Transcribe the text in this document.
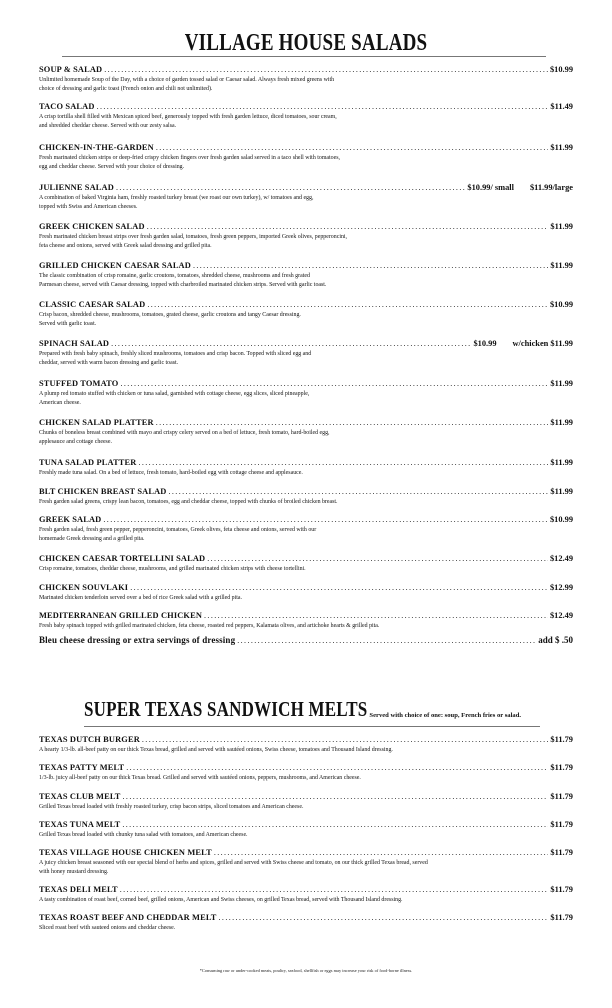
VILLAGE HOUSE SALADS
SOUP & SALAD .....	$10.99
Unlimited homemade Soup of the Day, with a choice of garden tossed salad or Caesar salad. Always fresh mixed greens with
choice of dressing and garlic toast (French onion and chili not unlimited).
TACO SALAD .....	$11.49
A crisp tortilla shell filled with Mexican spiced beef, generously topped with fresh garden lettuce, diced tomatoes, sour cream,
and shredded cheddar cheese. Served with our zesty salsa.
CHICKEN-IN-THE-GARDEN .....	$11.99
Fresh marinated chicken strips or deep-fried crispy chicken fingers over fresh garden salad served in a taco shell with tomatoes,
egg and cheddar cheese. Served with your choice of dressing.
JULIENNE SALAD .....	$10.99/ small $11.99/large
A combination of baked Virginia ham, freshly roasted turkey breast (we roast our own turkey), w/ tomatoes and egg,
topped with Swiss and American cheeses.
GREEK CHICKEN SALAD .....	$11.99
Fresh marinated chicken breast strips over fresh garden salad, tomatoes, fresh green peppers, imported Greek olives, pepperoncini,
feta cheese and onions, served with Greek salad dressing and grilled pita.
GRILLED CHICKEN CAESAR SALAD .....	$11.99
The classic combination of crisp romaine, garlic croutons, tomatoes, shredded cheese, mushrooms and fresh grated
Parmesan cheese, served with Caesar dressing, topped with charbroiled marinated chicken strips. Served with garlic toast.
CLASSIC CAESAR SALAD .....	$10.99
Crisp bacon, shredded cheese, mushrooms, tomatoes, grated cheese, garlic croutons and tangy Caesar dressing.
Served with garlic toast.
SPINACH SALAD .....	$10.99 w/chicken $11.99
Prepared with fresh baby spinach, freshly sliced mushrooms, tomatoes and crisp bacon. Topped with sliced egg and
cheddar, served with warm bacon dressing and garlic toast.
STUFFED TOMATO .....	$11.99
A plump red tomato stuffed with chicken or tuna salad, garnished with cottage cheese, egg slices, sliced pineapple,
American cheese.
CHICKEN SALAD PLATTER .....	$11.99
Chunks of boneless breast combined with mayo and crispy celery served on a bed of lettuce, fresh tomato, hard-boiled egg,
applesauce and cottage cheese.
TUNA SALAD PLATTER .....	$11.99
Freshly made tuna salad. On a bed of lettuce, fresh tomato, hard-boiled egg with cottage cheese and applesauce.
BLT CHICKEN BREAST SALAD .....	$11.99
Fresh garden salad greens, crispy lean bacon, tomatoes, egg and cheddar cheese, topped with chunks of broiled chicken breast.
GREEK SALAD .....	$10.99
Fresh garden salad, fresh green pepper, pepperoncini, tomatoes, Greek olives, feta cheese and onions, served with our
homemade Greek dressing and a grilled pita.
CHICKEN CAESAR TORTELLINI SALAD .....	$12.49
Crisp romaine, tomatoes, cheddar cheese, mushrooms, and grilled marinated chicken strips with cheese tortellini.
CHICKEN SOUVLAKI .....	$12.99
Marinated chicken tenderloin served over a bed of rice Greek salad with a grilled pita.
MEDITERRANEAN GRILLED CHICKEN .....	$12.49
Fresh baby spinach topped with grilled marinated chicken, feta cheese, roasted red peppers, Kalamata olives, and artichoke hearts & grilled pita.
Bleu cheese dressing or extra servings of dressing .....	add $ .50
SUPER TEXAS SANDWICH MELTS Served with choice of one: soup, French fries or salad.
TEXAS DUTCH BURGER .....	$11.79
A hearty 1/3-lb. all-beef patty on our thick Texas bread, grilled and served with sautéed onions, Swiss cheese, tomatoes and Thousand Island dressing.
TEXAS PATTY MELT .....	$11.79
1/3-lb. juicy all-beef patty on our thick Texas bread. Grilled and served with sautéed onions, peppers, mushrooms, and American cheese.
TEXAS CLUB MELT .....	$11.79
Grilled Texas bread loaded with freshly roasted turkey, crisp bacon strips, sliced tomatoes and American cheese.
TEXAS TUNA MELT .....	$11.79
Grilled Texas bread loaded with chunky tuna salad with tomatoes, and American cheese.
TEXAS VILLAGE HOUSE CHICKEN MELT .....	$11.79
A juicy chicken breast seasoned with our special blend of herbs and spices, grilled and served with Swiss cheese and tomato, on our thick grilled Texas bread, served
with honey mustard dressing.
TEXAS DELI MELT .....	$11.79
A tasty combination of roast beef, corned beef, grilled onions, American and Swiss cheeses, on grilled Texas bread, served with Thousand Island dressing.
TEXAS ROAST BEEF AND CHEDDAR MELT .....	$11.79
Sliced roast beef with sauteed onions and cheddar cheese.
*Consuming raw or under-cooked meats, poultry, seafood, shellfish or eggs may increase your risk of food-borne illness.
